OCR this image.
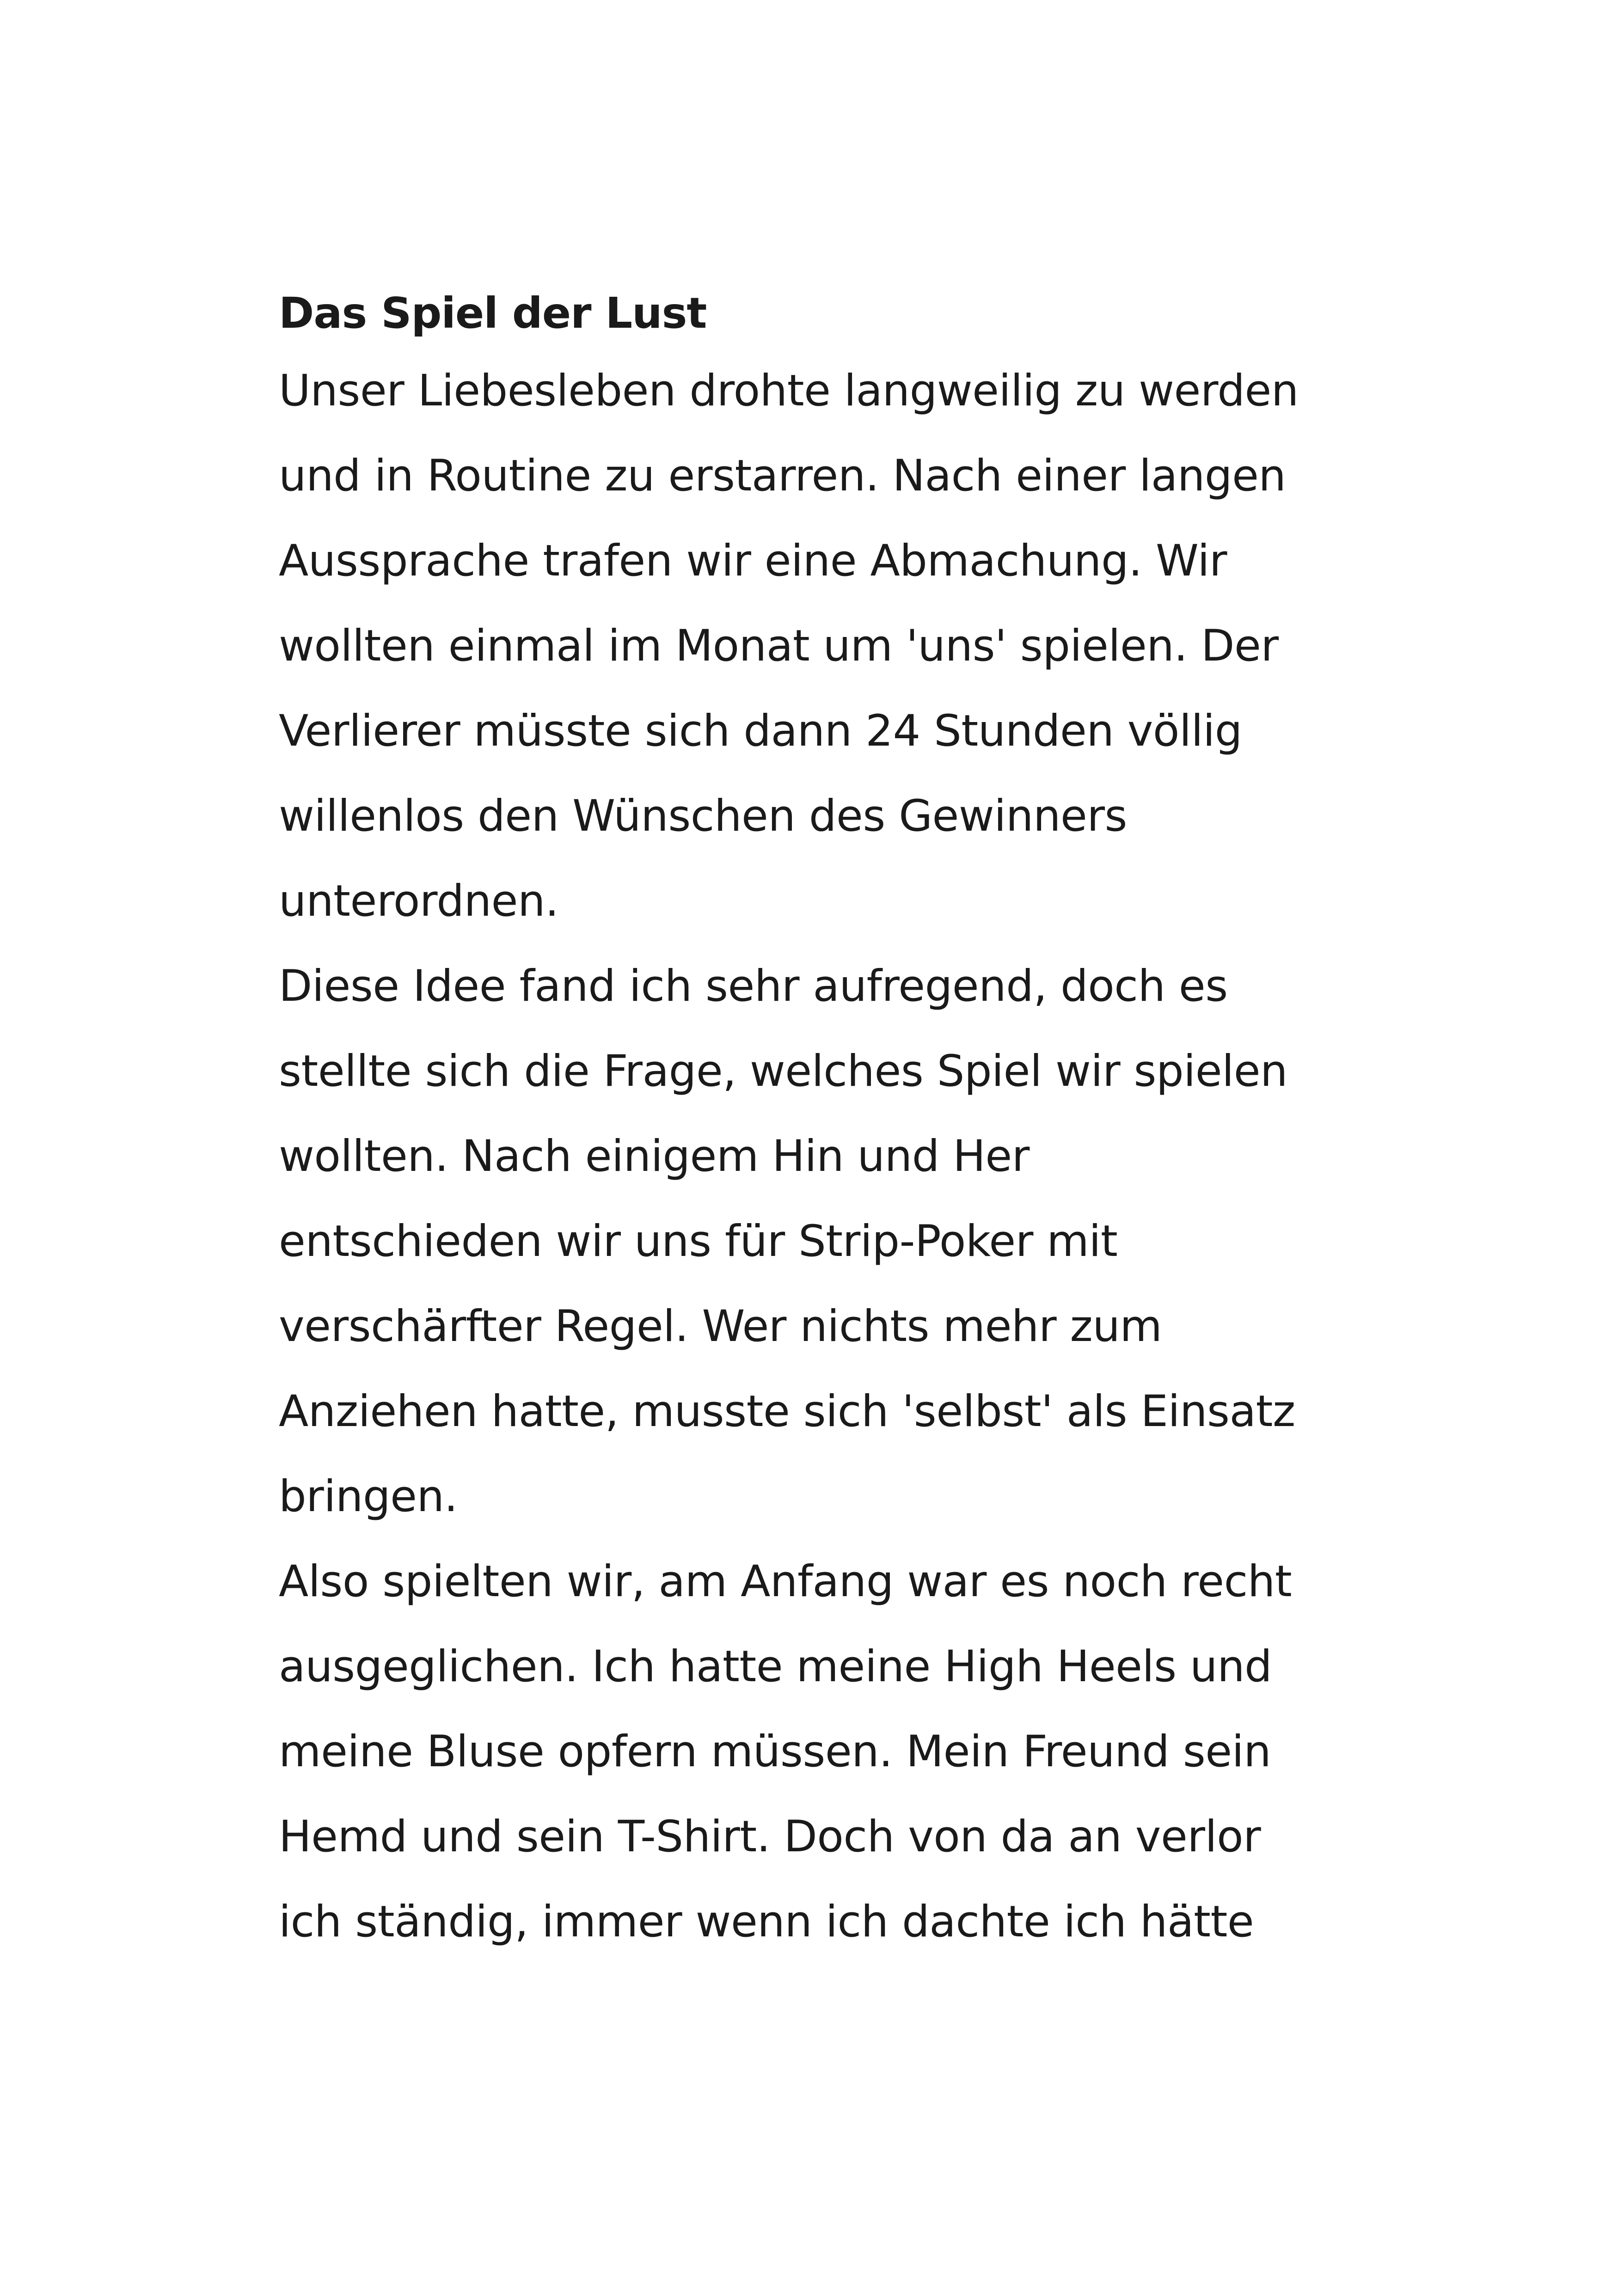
Das Spiel der Lust
Unser Liebesleben drohte langweilig zu werden
und in Routine zu erstarren. Nach einer langen
Aussprache trafen wir eine Abmachung. Wir
wollten einmal im Monat um 'uns' spielen. Der
Verlierer müsste sich dann 24 Stunden völlig
willenlos den Wünschen des Gewinners
unterordnen.
Diese Idee fand ich sehr aufregend, doch es
stellte sich die Frage, welches Spiel wir spielen
wollten. Nach einigem Hin und Her
entschieden wir uns für Strip-Poker mit
verschärfter Regel. Wer nichts mehr zum
Anziehen hatte, musste sich 'selbst' als Einsatz
bringen.
Also spielten wir, am Anfang war es noch recht
ausgeglichen. Ich hatte meine High Heels und
meine Bluse opfern müssen. Mein Freund sein
Hemd und sein T-Shirt. Doch von da an verlor
ich ständig, immer wenn ich dachte ich hätte
